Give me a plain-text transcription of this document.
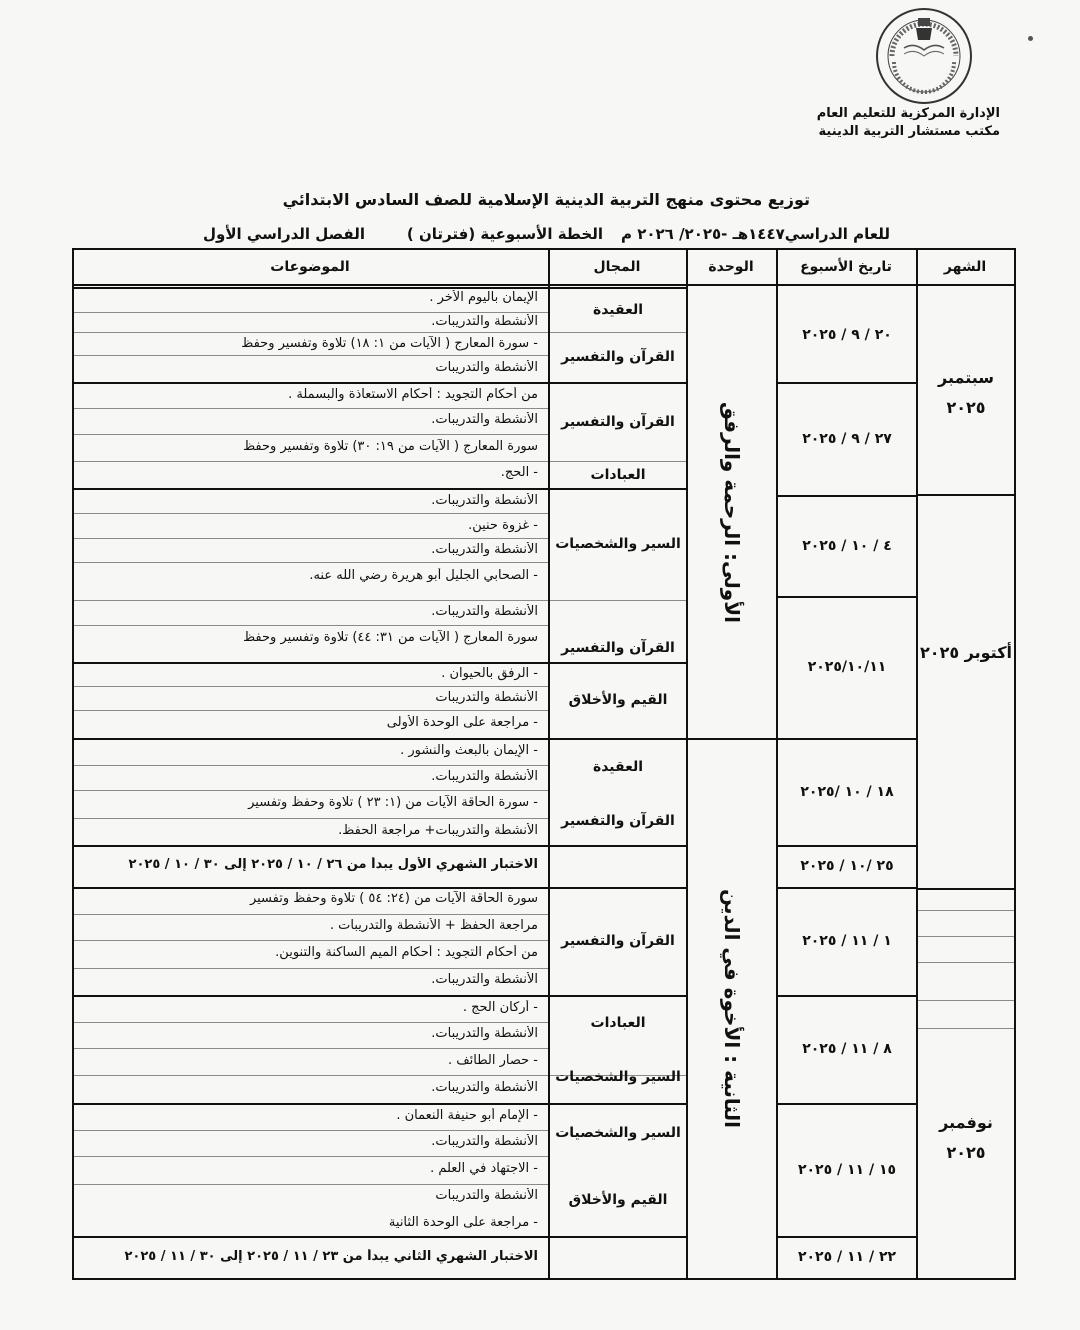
الإدارة المركزية للتعليم العام
مكتب مستشار التربية الدينية
توزيع محتوى منهج التربية الدينية الإسلامية للصف السادس الابتدائي
للعام الدراسي١٤٤٧هـ -٢٠٢٥/ ٢٠٢٦ م
الخطة الأسبوعية (فترتان )
الفصل الدراسي الأول
الشهر
تاريخ الأسبوع
الوحدة
المجال
الموضوعات
سبتمبر ٢٠٢٥
أكتوبر ٢٠٢٥
نوفمبر ٢٠٢٥
٢٠ / ٩ / ٢٠٢٥
٢٧ / ٩ / ٢٠٢٥
٤ / ١٠ / ٢٠٢٥
٢٠٢٥/١٠/١١
١٨ / ١٠ /٢٠٢٥
٢٥ /١٠ / ٢٠٢٥
١ / ١١ / ٢٠٢٥
٨ / ١١ / ٢٠٢٥
١٥ / ١١ / ٢٠٢٥
٢٢ / ١١ / ٢٠٢٥
الأولى: الرحمة والرفق
الثانية : الأخوة في الدين
العقيدة
القرآن والتفسير
القرآن والتفسير
العبادات
السير والشخصيات
القرآن والتفسير
القيم والأخلاق
العقيدة
القرآن والتفسير
القرآن والتفسير
العبادات
السير والشخصيات
السير والشخصيات
القيم والأخلاق
الإيمان باليوم الأخر .
الأنشطة والتدريبات.
- سورة المعارج ( الآيات من ١: ١٨) تلاوة وتفسير وحفظ
الأنشطة والتدريبات
من أحكام التجويد : أحكام الاستعاذة والبسملة .
الأنشطة والتدريبات.
سورة المعارج ( الآيات من ١٩: ٣٠) تلاوة وتفسير وحفظ
- الحج.
الأنشطة والتدريبات.
- غزوة حنين.
الأنشطة والتدريبات.
- الصحابي الجليل أبو هريرة رضي الله عنه.
الأنشطة والتدريبات.
سورة المعارج ( الآيات من ٣١: ٤٤) تلاوة وتفسير وحفظ
- الرفق بالحيوان .
الأنشطة والتدريبات
- مراجعة على الوحدة الأولى
- الإيمان بالبعث والنشور .
الأنشطة والتدريبات.
- سورة الحاقة الآيات من (١: ٢٣ ) تلاوة وحفظ وتفسير
الأنشطة والتدريبات+ مراجعة الحفظ.
الاختبار الشهري الأول يبدأ من ٢٦ / ١٠ / ٢٠٢٥ إلى ٣٠ / ١٠ / ٢٠٢٥
سورة الحاقة الآيات من (٢٤: ٥٤ ) تلاوة وحفظ وتفسير
مراجعة الحفظ + الأنشطة والتدريبات .
من أحكام التجويد : أحكام الميم الساكنة والتنوين.
الأنشطة والتدريبات.
- أركان الحج .
الأنشطة والتدريبات.
- حصار الطائف .
الأنشطة والتدريبات.
- الإمام أبو حنيفة النعمان .
الأنشطة والتدريبات.
- الاجتهاد في العلم .
الأنشطة والتدريبات
- مراجعة على الوحدة الثانية
الاختبار الشهري الثاني يبدأ من ٢٣ / ١١ / ٢٠٢٥ إلى ٣٠ / ١١ / ٢٠٢٥
